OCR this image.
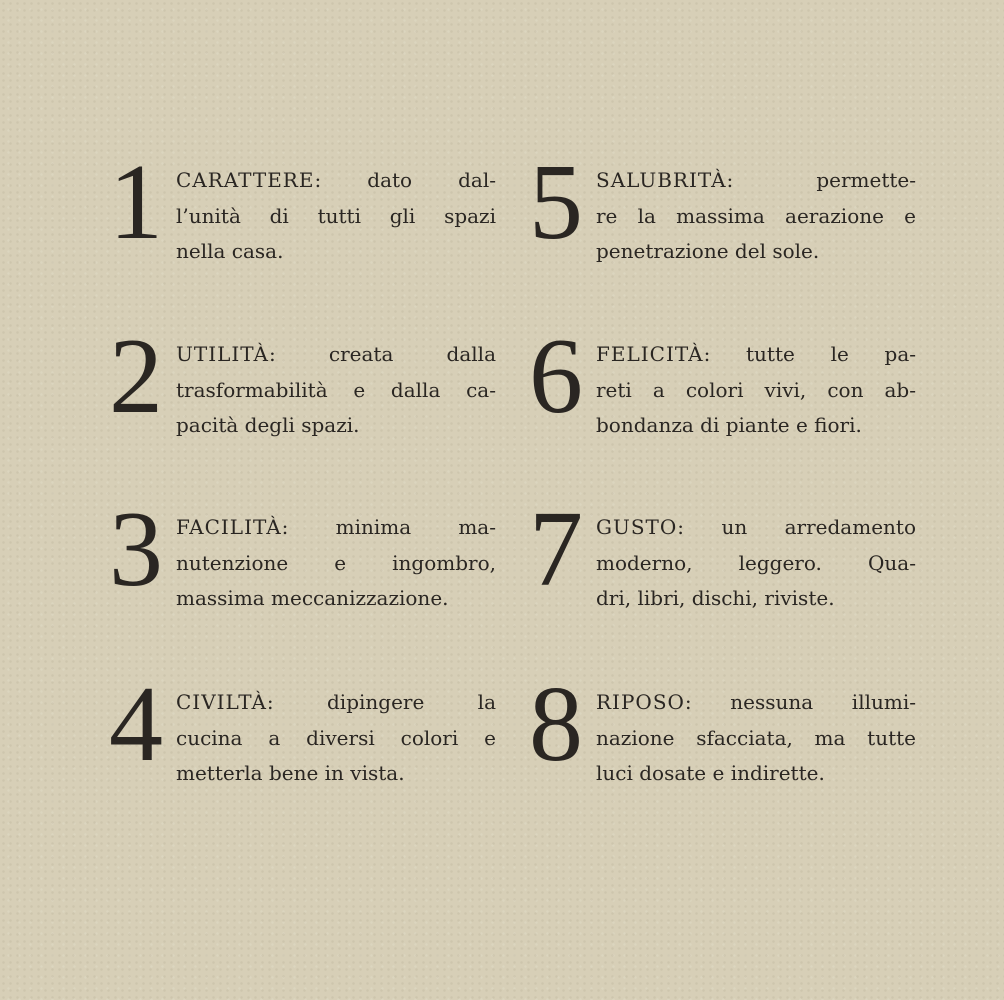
1 CARATTERE: dato dal-
l’unità di tutti gli spazi
nella casa.

2 UTILITÀ: creata dalla
trasformabilità e dalla ca-
pacità degli spazi.

3 FACILITÀ: minima ma-
nutenzione e ingombro,
massima meccanizzazione.

4 CIVILTÀ: dipingere la
cucina a diversi colori e
metterla bene in vista.

5 SALUBRITÀ: permette-
re la massima aerazione e
penetrazione del sole.

6 FELICITÀ: tutte le pa-
reti a colori vivi, con ab-
bondanza di piante e fiori.

7 GUSTO: un arredamento
moderno, leggero. Qua-
dri, libri, dischi, riviste.

8 RIPOSO: nessuna illumi-
nazione sfacciata, ma tutte
luci dosate e indirette.
